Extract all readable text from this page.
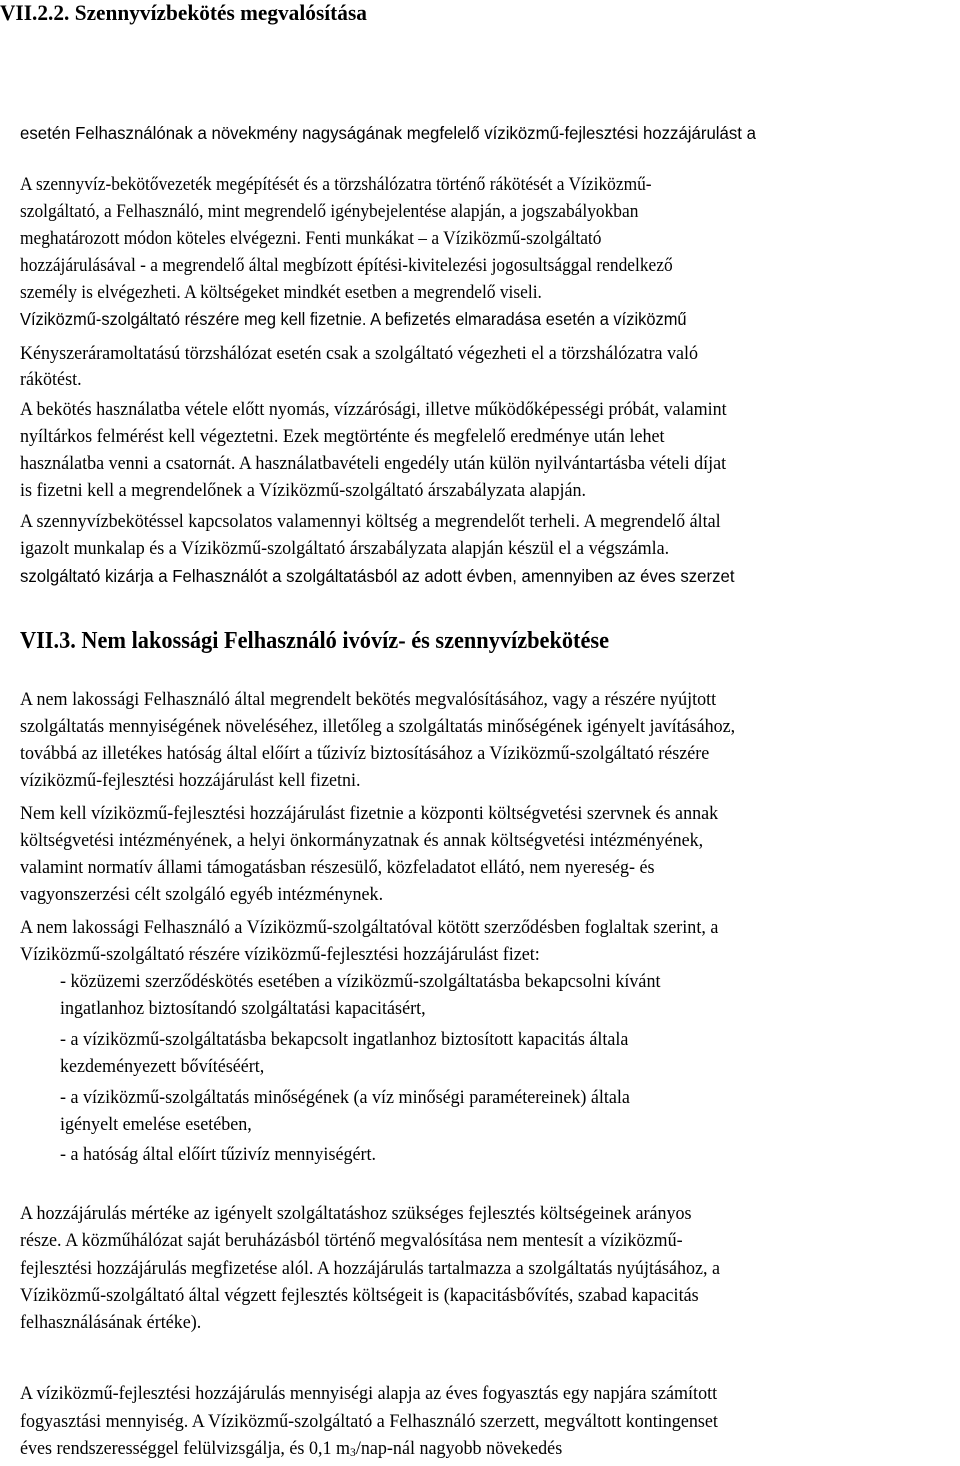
VII.2.2. Szennyvízbekötés megvalósítása
esetén Felhasználónak a növekmény nagyságának megfelelő víziközmű-fejlesztési hozzájárulást a
A szennyvíz-bekötővezeték megépítését és a törzshálózatra történő rákötését a Víziközmű-
szolgáltató, a Felhasználó, mint megrendelő igénybejelentése alapján, a jogszabályokban
meghatározott módon köteles elvégezni. Fenti munkákat – a Víziközmű-szolgáltató
hozzájárulásával - a megrendelő által megbízott építési-kivitelezési jogosultsággal rendelkező
személy is elvégezheti. A költségeket mindkét esetben a megrendelő viseli.
Víziközmű-szolgáltató részére meg kell fizetnie. A befizetés elmaradása esetén a víziközmű
Kényszeráramoltatású törzshálózat esetén csak a szolgáltató végezheti el a törzshálózatra való
rákötést.
A bekötés használatba vétele előtt nyomás, vízzárósági, illetve működőképességi próbát, valamint
nyíltárkos felmérést kell végeztetni. Ezek megtörténte és megfelelő eredménye után lehet
használatba venni a csatornát. A használatbavételi engedély után külön nyilvántartásba vételi díjat
is fizetni kell a megrendelőnek a Víziközmű-szolgáltató árszabályzata alapján.
A szennyvízbekötéssel kapcsolatos valamennyi költség a megrendelőt terheli. A megrendelő által
igazolt munkalap és a Víziközmű-szolgáltató árszabályzata alapján készül el a végszámla.
szolgáltató kizárja a Felhasználót a szolgáltatásból az adott évben, amennyiben az éves szerzet
VII.3. Nem lakossági Felhasználó ivóvíz- és szennyvízbekötése
A nem lakossági Felhasználó által megrendelt bekötés megvalósításához, vagy a részére nyújtott
szolgáltatás mennyiségének növeléséhez, illetőleg a szolgáltatás minőségének igényelt javításához,
továbbá az illetékes hatóság által előírt a tűzivíz biztosításához a Víziközmű-szolgáltató részére
víziközmű-fejlesztési hozzájárulást kell fizetni.
Nem kell víziközmű-fejlesztési hozzájárulást fizetnie a központi költségvetési szervnek és annak
költségvetési intézményének, a helyi önkormányzatnak és annak költségvetési intézményének,
valamint normatív állami támogatásban részesülő, közfeladatot ellátó, nem nyereség- és
vagyonszerzési célt szolgáló egyéb intézménynek.
A nem lakossági Felhasználó a Víziközmű-szolgáltatóval kötött szerződésben foglaltak szerint, a
Víziközmű-szolgáltató részére víziközmű-fejlesztési hozzájárulást fizet:
- közüzemi szerződéskötés esetében a víziközmű-szolgáltatásba bekapcsolni kívánt
ingatlanhoz biztosítandó szolgáltatási kapacitásért,
- a víziközmű-szolgáltatásba bekapcsolt ingatlanhoz biztosított kapacitás általa
kezdeményezett bővítéséért,
- a víziközmű-szolgáltatás minőségének (a víz minőségi paramétereinek) általa
igényelt emelése esetében,
- a hatóság által előírt tűzivíz mennyiségért.
A hozzájárulás mértéke az igényelt szolgáltatáshoz szükséges fejlesztés költségeinek arányos
része. A közműhálózat saját beruházásból történő megvalósítása nem mentesít a víziközmű-
fejlesztési hozzájárulás megfizetése alól. A hozzájárulás tartalmazza a szolgáltatás nyújtásához, a
Víziközmű-szolgáltató által végzett fejlesztés költségeit is (kapacitásbővítés, szabad kapacitás
felhasználásának értéke).
A víziközmű-fejlesztési hozzájárulás mennyiségi alapja az éves fogyasztás egy napjára számított
fogyasztási mennyiség. A Víziközmű-szolgáltató a Felhasználó szerzett, megváltott kontingenset
éves rendszerességgel felülvizsgálja, és 0,1 m3/nap-nál nagyobb növekedés
